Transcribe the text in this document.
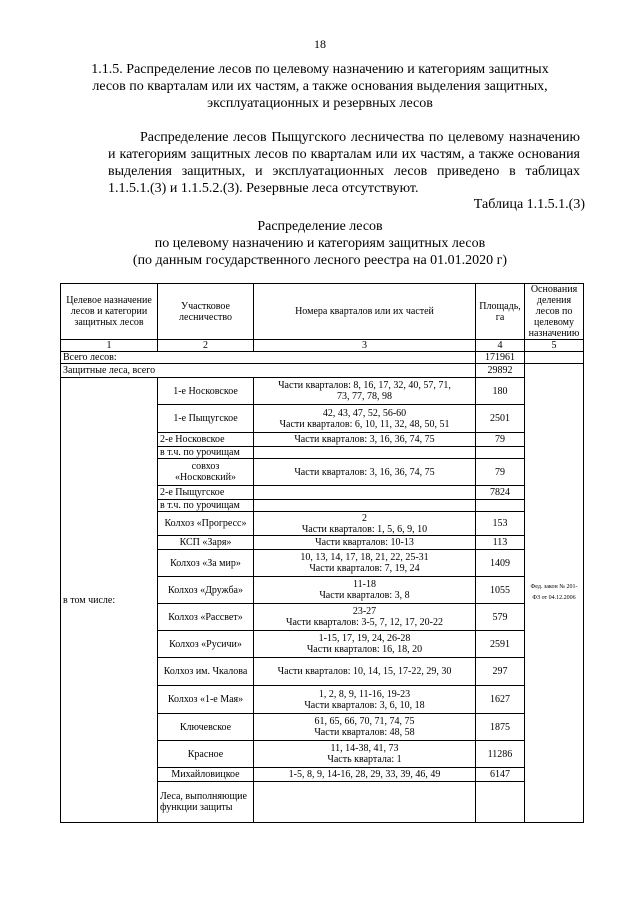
18
1.1.5. Распределение лесов по целевому назначению и категориям защитных лесов по кварталам или их частям, а также основания выделения защитных, эксплуатационных и резервных лесов
Распределение лесов Пыщугского лесничества по целевому назначению и категориям защитных лесов по кварталам или их частям, а также основания выделения защитных, и эксплуатационных лесов приведено в таблицах 1.1.5.1.(3) и 1.1.5.2.(3). Резервные леса отсутствуют.
Таблица 1.1.5.1.(3)
Распределение лесов
по целевому назначению и категориям защитных лесов
(по данным государственного лесного реестра на 01.01.2020 г)
Целевое назначение лесов и категории защитных лесов	Участковое лесничество	Номера кварталов или их частей	Площадь, га	Основания деления лесов по целевому назначению	
1	2	3	4	5	
Всего лесов:			171961		
Защитные леса, всего			29892	Фед. закон № 201-ФЗ от 04.12.2006	
в том числе:	1-е Носковское	Части кварталов: 8, 16, 17, 32, 40, 57, 71,
73, 77, 78, 98	180		
	1-е Пыщугское	42, 43, 47, 52, 56-60
Части кварталов: 6, 10, 11, 32, 48, 50, 51	2501		
	2-е Носковское	Части кварталов: 3, 16, 36, 74, 75	79		
	в т.ч. по урочищам				
	совхоз «Носковский»	Части кварталов: 3, 16, 36, 74, 75	79		
	2-е Пыщугское		7824		
	в т.ч. по урочищам				
	Колхоз «Прогресс»	2
Части кварталов: 1, 5, 6, 9, 10	153		
	КСП «Заря»	Части кварталов: 10-13	113		
	Колхоз «За мир»	10, 13, 14, 17, 18, 21, 22, 25-31
Части кварталов: 7, 19, 24	1409		
	Колхоз «Дружба»	11-18
Части кварталов: 3, 8	1055		
	Колхоз «Рассвет»	23-27
Части кварталов: 3-5, 7, 12, 17, 20-22	579		
	Колхоз «Русичи»	1-15, 17, 19, 24, 26-28
Части кварталов: 16, 18, 20	2591		
	Колхоз им. Чкалова	Части кварталов: 10, 14, 15, 17-22, 29, 30	297		
	Колхоз «1-е Мая»	1, 2, 8, 9, 11-16, 19-23
Части кварталов: 3, 6, 10, 18	1627		
	Ключевское	61, 65, 66, 70, 71, 74, 75
Части кварталов: 48, 58	1875		
	Красное	11, 14-38, 41, 73
Часть квартала: 1	11286		
	Михайловицкое	1-5, 8, 9, 14-16, 28, 29, 33, 39, 46, 49	6147		
	Леса, выполняющие функции защиты			
